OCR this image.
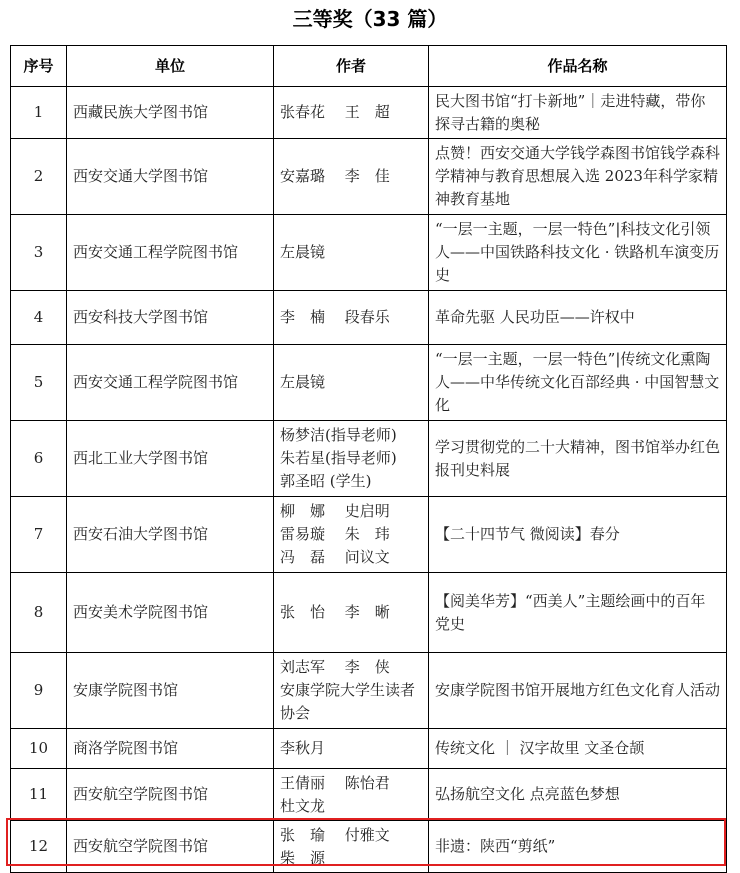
三等奖（33 篇）
序号	单位	作者	作品名称
1	西藏民族大学图书馆	张春花　 王　超	民大图书馆“打卡新地”｜走进特藏，带你探寻古籍的奥秘
2	西安交通大学图书馆	安嘉璐　 李　佳	点赞！西安交通大学钱学森图书馆钱学森科学精神与教育思想展入选 2023年科学家精神教育基地
3	西安交通工程学院图书馆	左晨镜	“一层一主题，一层一特色”|科技文化引领人——中国铁路科技文化 · 铁路机车演变历史
4	西安科技大学图书馆	李　楠　 段春乐	革命先驱 人民功臣——许权中
5	西安交通工程学院图书馆	左晨镜	“一层一主题，一层一特色”|传统文化熏陶人——中华传统文化百部经典 · 中国智慧文化
6	西北工业大学图书馆	杨梦洁(指导老师)
朱若星(指导老师)
郭圣昭 (学生)	学习贯彻党的二十大精神，图书馆举办红色报刊史料展
7	西安石油大学图书馆	柳　娜　 史启明
雷易璇　 朱　玮
冯　磊　 问议文	【二十四节气 微阅读】春分
8	西安美术学院图书馆	张　怡　 李　晰	【阅美华芳】“西美人”主题绘画中的百年党史
9	安康学院图书馆	刘志军　 李　侠
安康学院大学生读者协会	安康学院图书馆开展地方红色文化育人活动
10	商洛学院图书馆	李秋月	传统文化 ｜ 汉字故里 文圣仓颉
11	西安航空学院图书馆	王倩丽　 陈怡君
杜文龙	弘扬航空文化 点亮蓝色梦想
12	西安航空学院图书馆	张　瑜　 付雅文
柴　源	非遗：陕西“剪纸”
